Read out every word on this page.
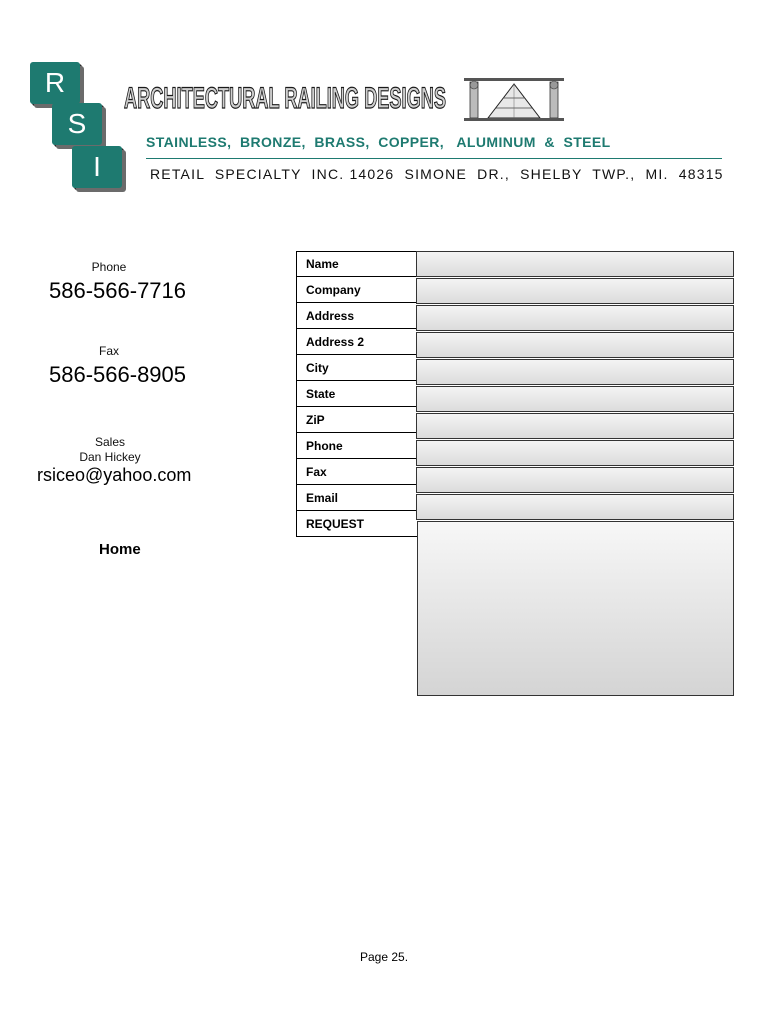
R
S
I
ARCHITECTURAL RAILING DESIGNS
STAINLESS,  BRONZE,  BRASS,  COPPER,   ALUMINUM  &  STEEL
RETAIL  SPECIALTY  INC. 14026  SIMONE  DR.,  SHELBY  TWP.,  MI.  48315
Phone
586-566-7716
Fax
586-566-8905
Sales
Dan Hickey
rsiceo@yahoo.com
Home
Name
Company
Address
Address 2
City
State
ZiP
Phone
Fax
Email
REQUEST
Page 25.
